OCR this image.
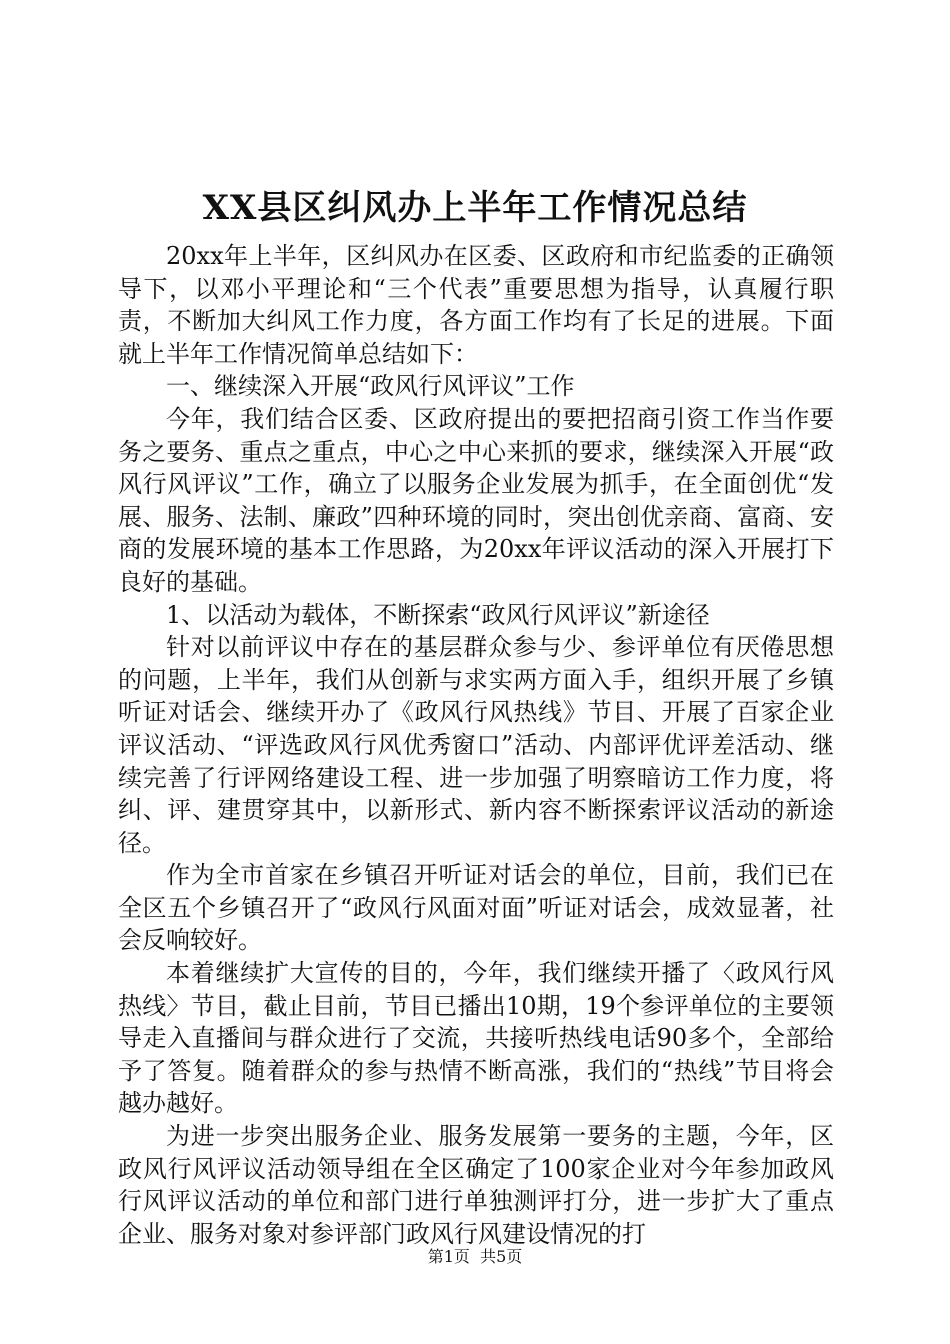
XX县区纠风办上半年工作情况总结

20xx年上半年，区纠风办在区委、区政府和市纪监委的正确领导下，以邓小平理论和“三个代表”重要思想为指导，认真履行职责，不断加大纠风工作力度，各方面工作均有了长足的进展。下面就上半年工作情况简单总结如下：

一、继续深入开展“政风行风评议”工作

今年，我们结合区委、区政府提出的要把招商引资工作当作要务之要务、重点之重点，中心之中心来抓的要求，继续深入开展“政风行风评议”工作，确立了以服务企业发展为抓手，在全面创优“发展、服务、法制、廉政”四种环境的同时，突出创优亲商、富商、安商的发展环境的基本工作思路，为20xx年评议活动的深入开展打下良好的基础。

1、以活动为载体，不断探索“政风行风评议”新途径

针对以前评议中存在的基层群众参与少、参评单位有厌倦思想的问题，上半年，我们从创新与求实两方面入手，组织开展了乡镇听证对话会、继续开办了《政风行风热线》节目、开展了百家企业评议活动、“评选政风行风优秀窗口”活动、内部评优评差活动、继续完善了行评网络建设工程、进一步加强了明察暗访工作力度，将纠、评、建贯穿其中，以新形式、新内容不断探索评议活动的新途径。

作为全市首家在乡镇召开听证对话会的单位，目前，我们已在全区五个乡镇召开了“政风行风面对面”听证对话会，成效显著，社会反响较好。

本着继续扩大宣传的目的，今年，我们继续开播了〈政风行风热线〉节目，截止目前，节目已播出10期，19个参评单位的主要领导走入直播间与群众进行了交流，共接听热线电话90多个，全部给予了答复。随着群众的参与热情不断高涨，我们的“热线”节目将会越办越好。

为进一步突出服务企业、服务发展第一要务的主题，今年，区政风行风评议活动领导组在全区确定了100家企业对今年参加政风行风评议活动的单位和部门进行单独测评打分，进一步扩大了重点企业、服务对象对参评部门政风行风建设情况的打

第1页 共5页
